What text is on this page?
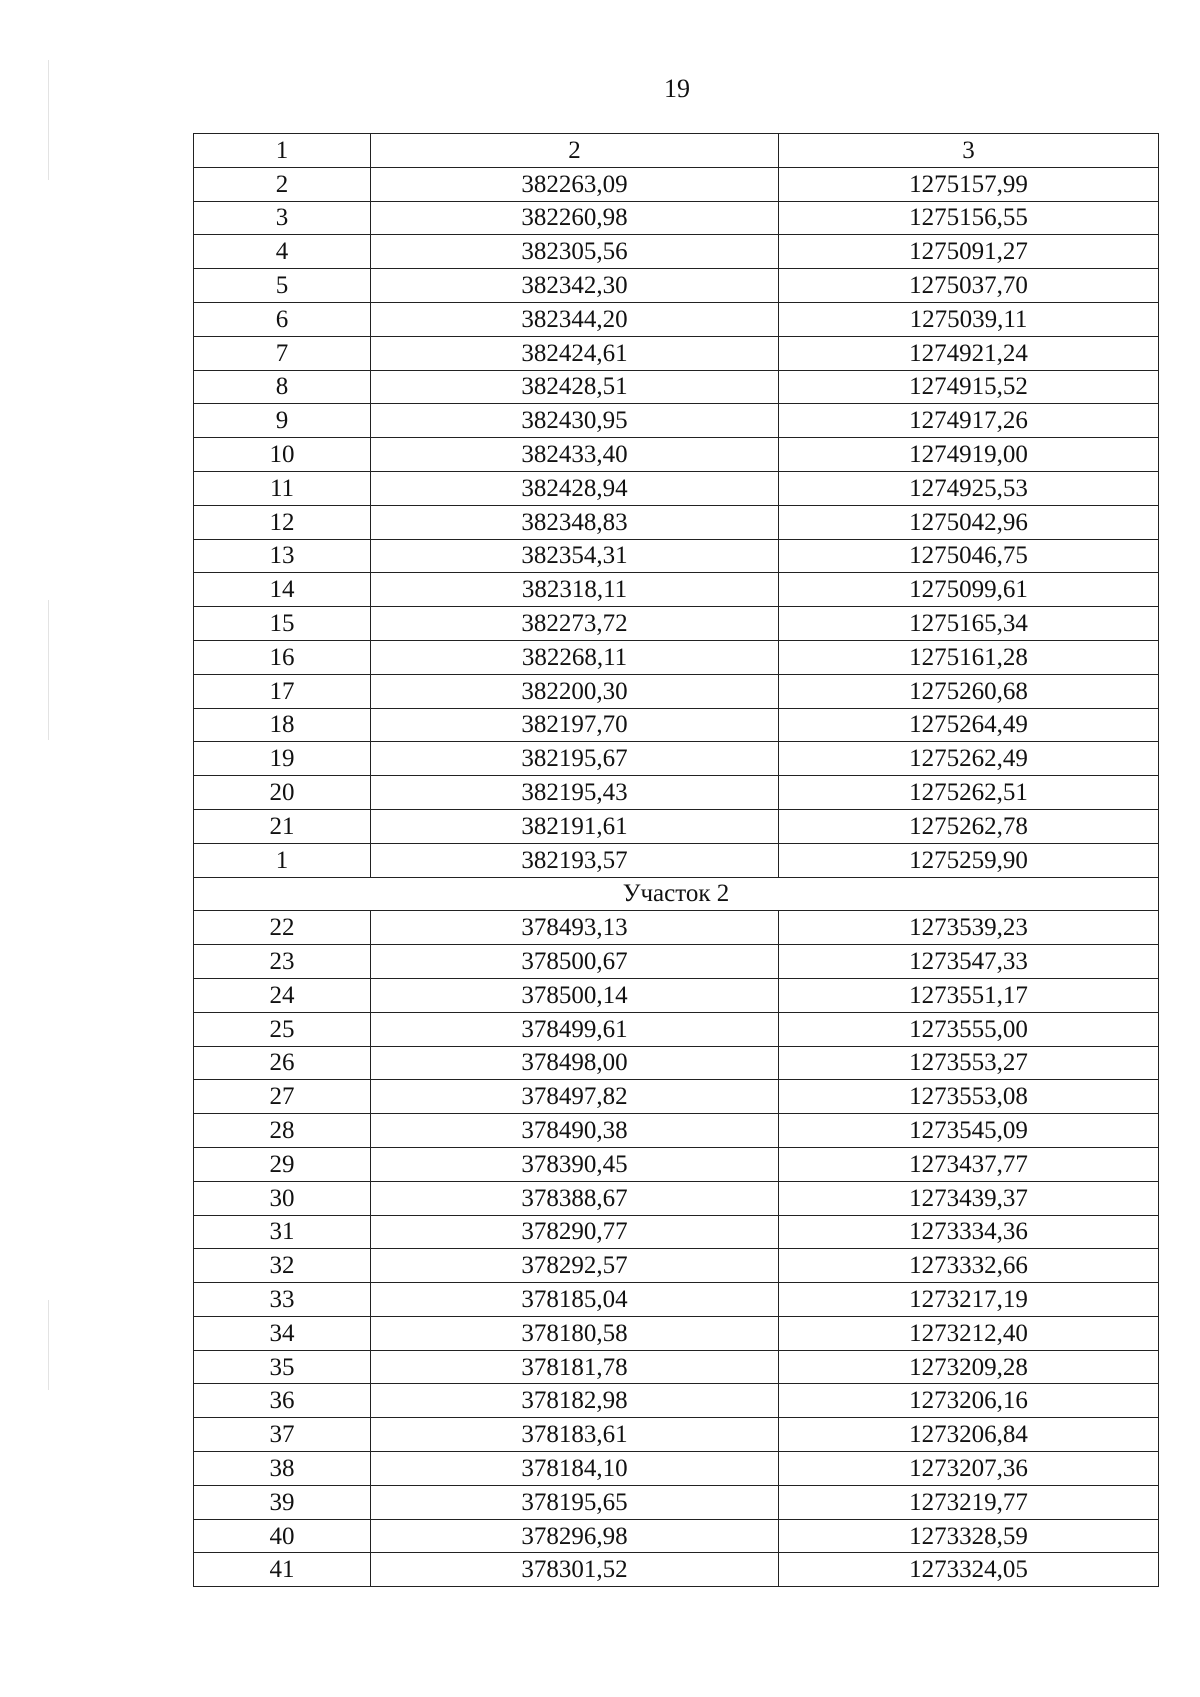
19
1	2	3
2	382263,09	1275157,99
3	382260,98	1275156,55
4	382305,56	1275091,27
5	382342,30	1275037,70
6	382344,20	1275039,11
7	382424,61	1274921,24
8	382428,51	1274915,52
9	382430,95	1274917,26
10	382433,40	1274919,00
11	382428,94	1274925,53
12	382348,83	1275042,96
13	382354,31	1275046,75
14	382318,11	1275099,61
15	382273,72	1275165,34
16	382268,11	1275161,28
17	382200,30	1275260,68
18	382197,70	1275264,49
19	382195,67	1275262,49
20	382195,43	1275262,51
21	382191,61	1275262,78
1	382193,57	1275259,90
Участок 2		
22	378493,13	1273539,23
23	378500,67	1273547,33
24	378500,14	1273551,17
25	378499,61	1273555,00
26	378498,00	1273553,27
27	378497,82	1273553,08
28	378490,38	1273545,09
29	378390,45	1273437,77
30	378388,67	1273439,37
31	378290,77	1273334,36
32	378292,57	1273332,66
33	378185,04	1273217,19
34	378180,58	1273212,40
35	378181,78	1273209,28
36	378182,98	1273206,16
37	378183,61	1273206,84
38	378184,10	1273207,36
39	378195,65	1273219,77
40	378296,98	1273328,59
41	378301,52	1273324,05
